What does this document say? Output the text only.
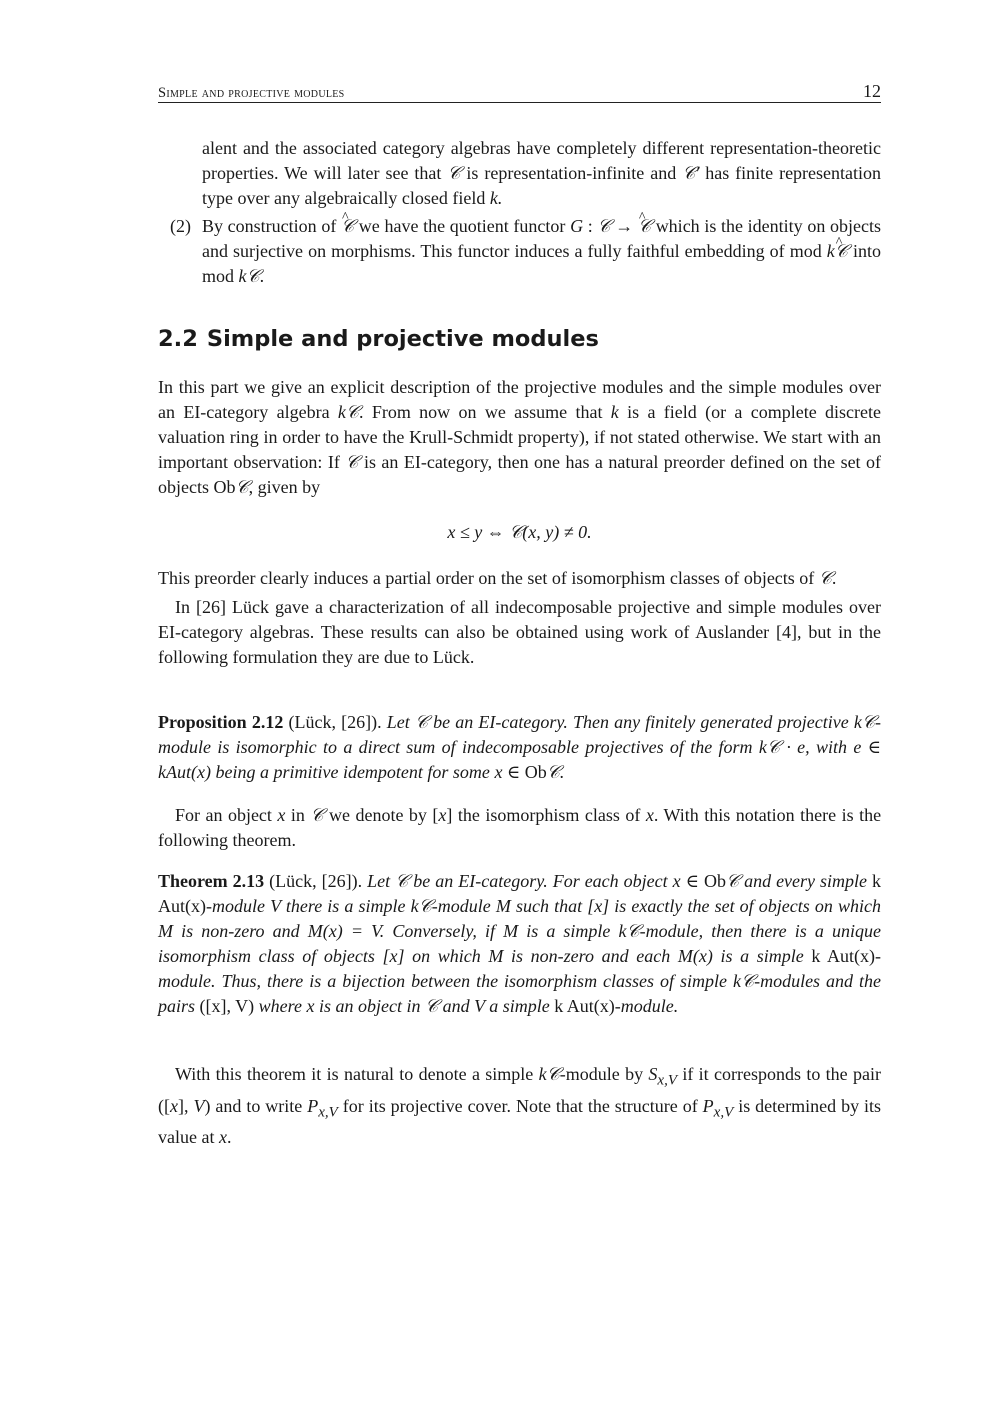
Simple and projective modules	12

alent and the associated category algebras have completely different representation-theoretic properties. We will later see that 𝒞 is representation-infinite and 𝒞′ has finite representation type over any algebraically closed field k.

(2) By construction of ^ 𝒞 we have the quotient functor G : 𝒞 → ^ 𝒞 which is the identity on objects and surjective on morphisms. This functor induces a fully faithful embedding of mod k^ 𝒞 into mod k𝒞.

2.2 Simple and projective modules

In this part we give an explicit description of the projective modules and the simple modules over an EI-category algebra k𝒞. From now on we assume that k is a field (or a complete discrete valuation ring in order to have the Krull-Schmidt property), if not stated otherwise. We start with an important observation: If 𝒞 is an EI-category, then one has a natural preorder defined on the set of objects Ob𝒞, given by

x ≤ y ⇔ 𝒞(x, y) ≠ 0.

This preorder clearly induces a partial order on the set of isomorphism classes of objects of 𝒞.

In [26] Lück gave a characterization of all indecomposable projective and simple modules over EI-category algebras. These results can also be obtained using work of Auslander [4], but in the following formulation they are due to Lück.

Proposition 2.12 (Lück, [26]). Let 𝒞 be an EI-category. Then any finitely generated projective k𝒞-module is isomorphic to a direct sum of indecomposable projectives of the form k𝒞 · e, with e ∈ kAut(x) being a primitive idempotent for some x ∈ Ob𝒞.

For an object x in 𝒞 we denote by [x] the isomorphism class of x. With this notation there is the following theorem.

Theorem 2.13 (Lück, [26]). Let 𝒞 be an EI-category. For each object x ∈ Ob𝒞 and every simple k Aut(x)-module V there is a simple k𝒞-module M such that [x] is exactly the set of objects on which M is non-zero and M(x) = V. Conversely, if M is a simple k𝒞-module, then there is a unique isomorphism class of objects [x] on which M is non-zero and each M(x) is a simple k Aut(x)-module. Thus, there is a bijection between the isomorphism classes of simple k𝒞-modules and the pairs ([x], V) where x is an object in 𝒞 and V a simple k Aut(x)-module.

With this theorem it is natural to denote a simple k𝒞-module by $S_{x,V}$ if it corresponds to the pair ([x], V) and to write $P_{x,V}$ for its projective cover. Note that the structure of $P_{x,V}$ is determined by its value at x.
